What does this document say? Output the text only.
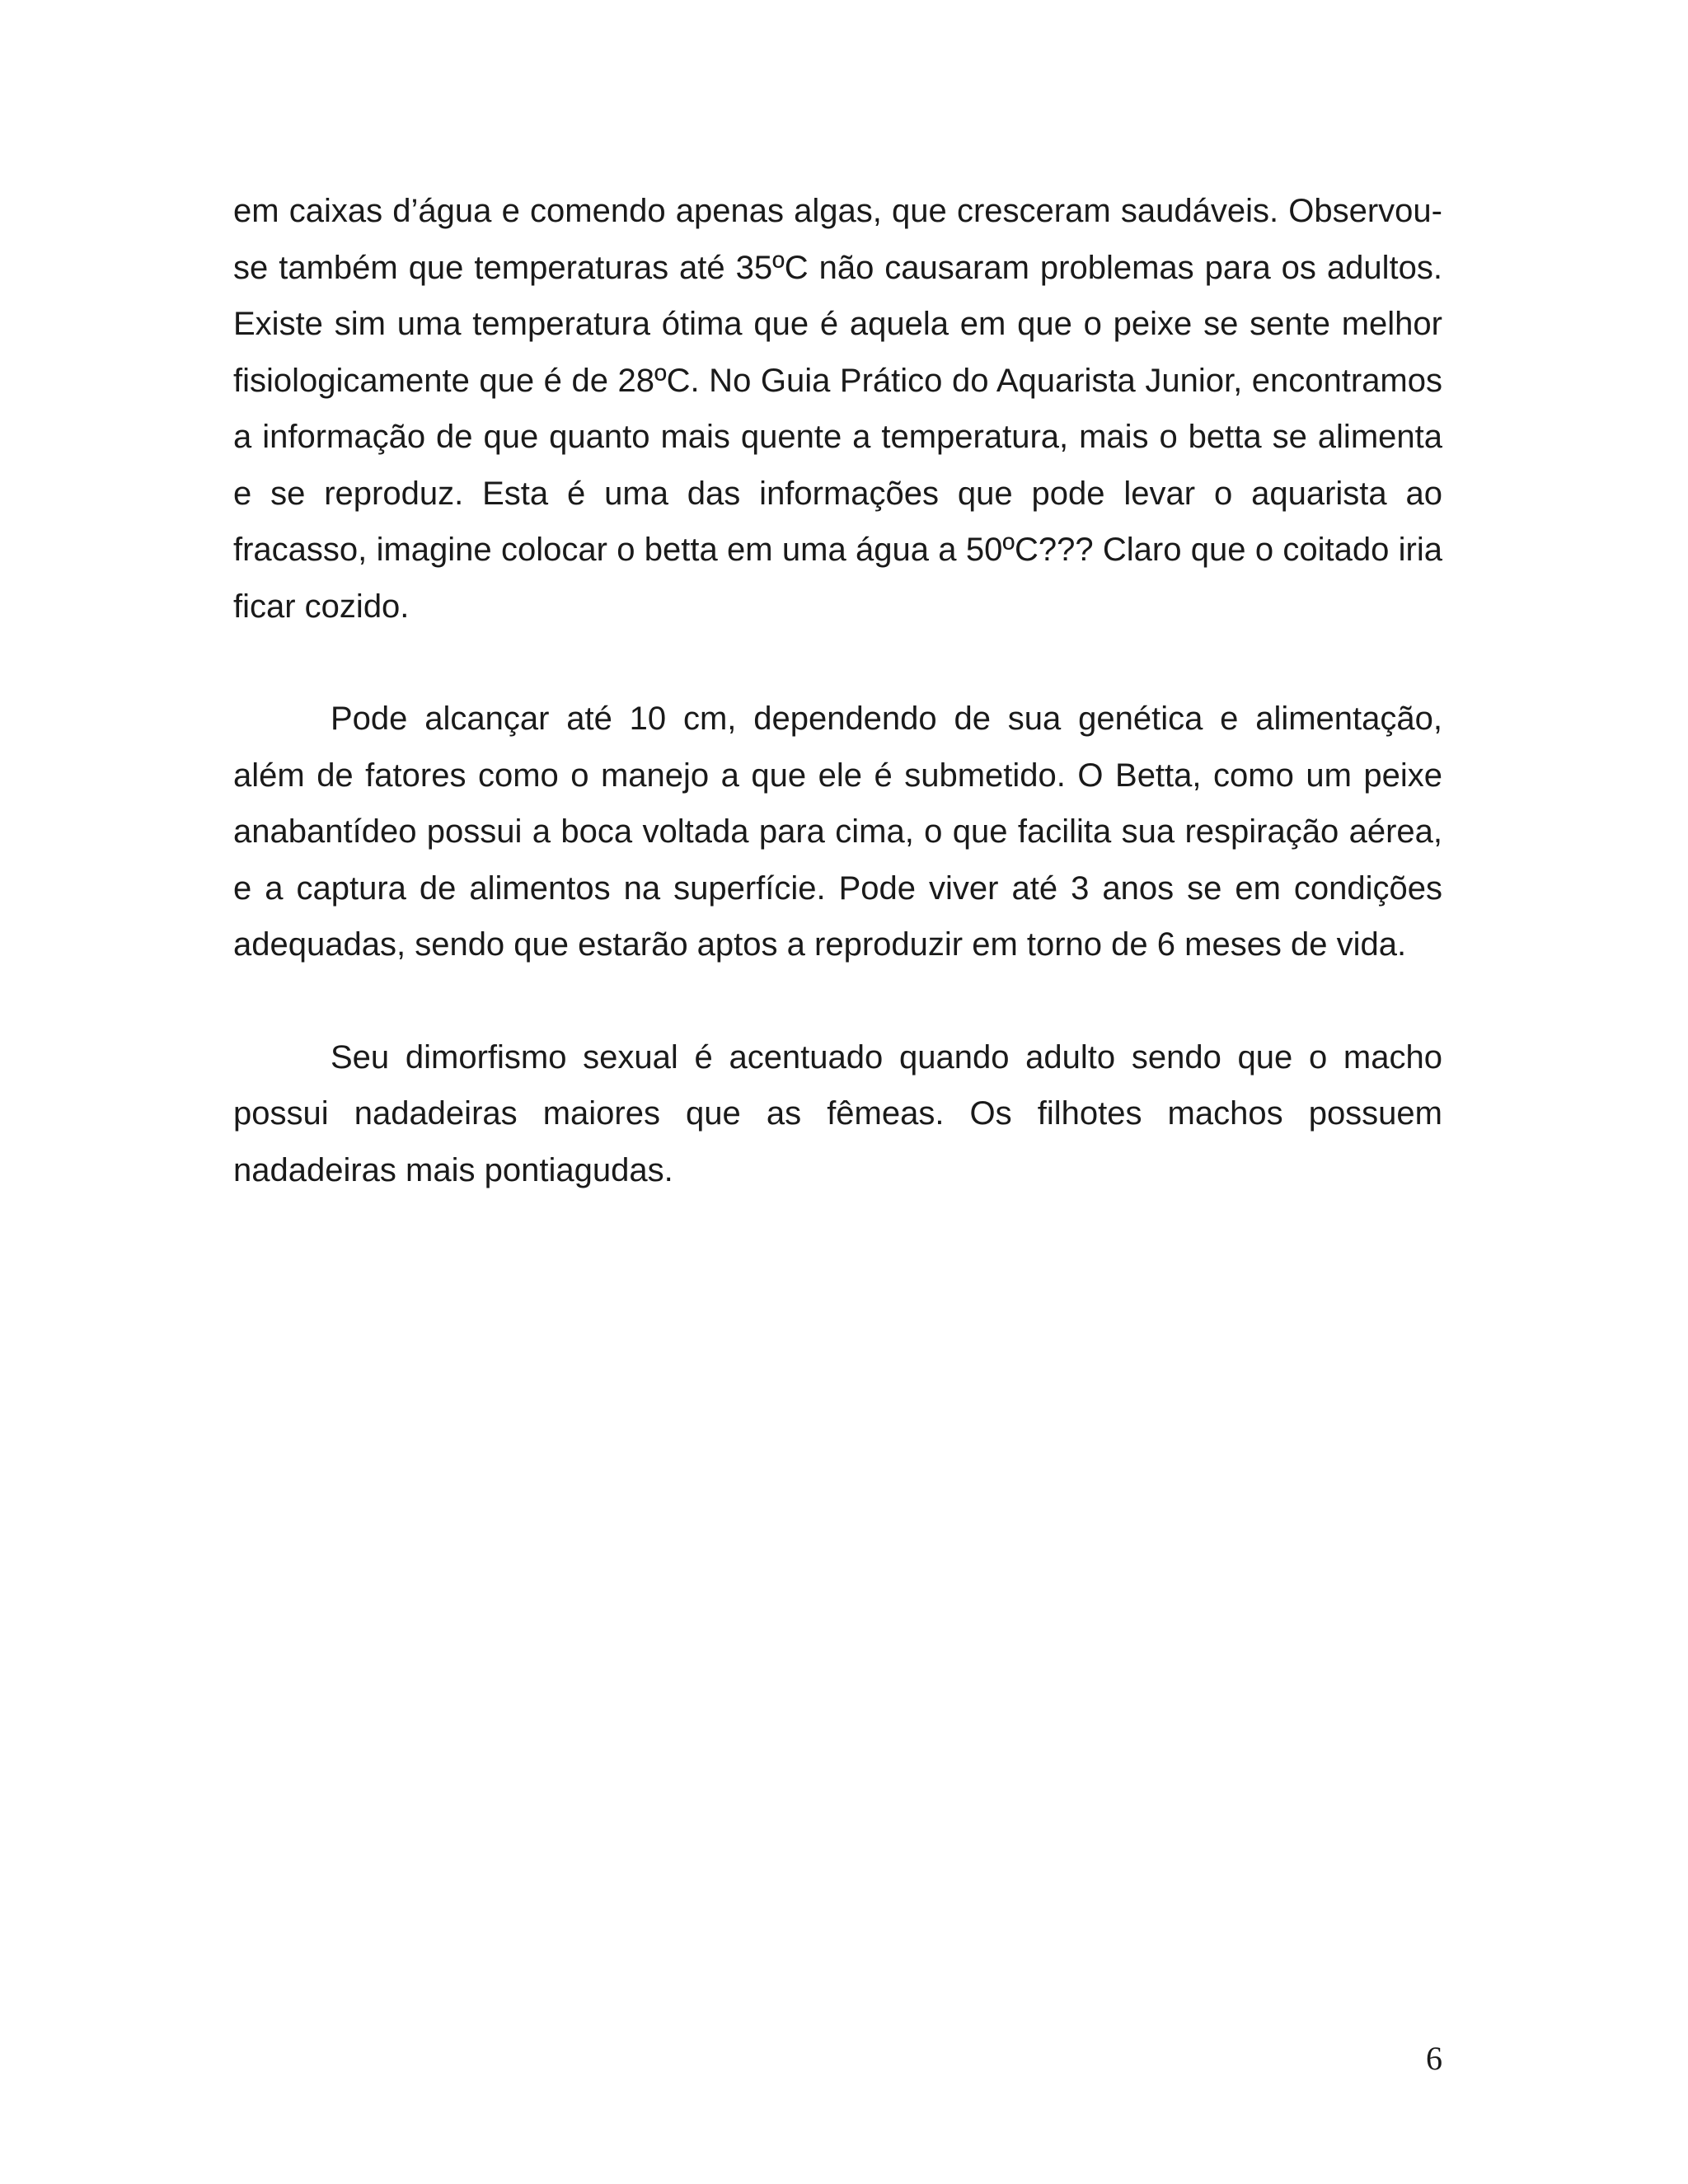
em caixas d’água e comendo apenas algas, que cresceram saudáveis. Observou-se também que temperaturas até 35ºC não causaram problemas para os adultos. Existe sim uma temperatura ótima que é aquela em que o peixe se sente melhor fisiologicamente que é de 28ºC. No Guia Prático do Aquarista Junior, encontramos a informação de que quanto mais quente a temperatura, mais o betta se alimenta e se reproduz. Esta é uma das informações que pode levar o aquarista ao fracasso, imagine colocar o betta em uma água a 50ºC??? Claro que o coitado iria ficar cozido.

Pode alcançar até 10 cm, dependendo de sua genética e alimentação, além de fatores como o manejo a que ele é submetido. O Betta, como um peixe anabantídeo possui a boca voltada para cima, o que facilita sua respiração aérea, e a captura de alimentos na superfície. Pode viver até 3 anos se em condições adequadas, sendo que estarão aptos a reproduzir em torno de 6 meses de vida.

Seu dimorfismo sexual é acentuado quando adulto sendo que o macho possui nadadeiras maiores que as fêmeas. Os filhotes machos possuem nadadeiras mais pontiagudas.

6
